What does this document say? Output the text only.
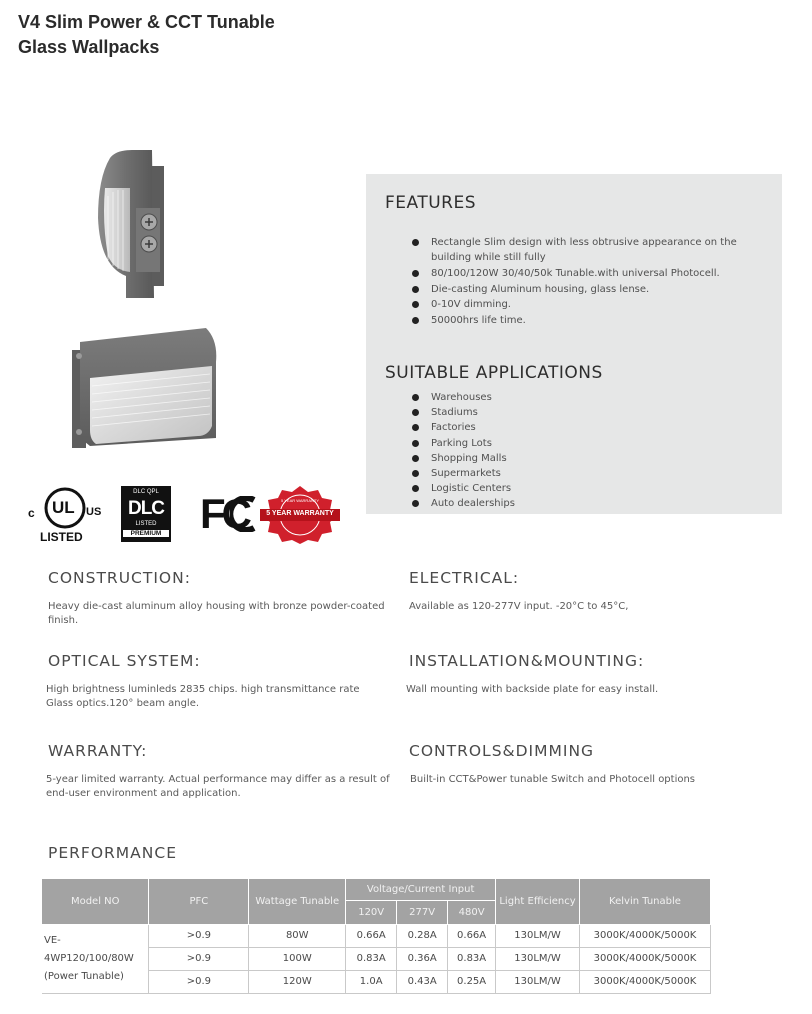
V4 Slim Power & CCT Tunable
Glass Wallpacks
c UL US
LISTED
DLC QPL
DLC
LISTED
PREMIUM FC	5 YEAR WARRANTY
5 YEAR WARRANTY
FEATURES
Rectangle Slim design with less obtrusive appearance on the building while still fully
80/100/120W 30/40/50k Tunable.with universal Photocell.
Die-casting Aluminum housing, glass lense.
0-10V dimming.
50000hrs life time.
SUITABLE APPLICATIONS
Warehouses
Stadiums
Factories
Parking Lots
Shopping Malls
Supermarkets
Logistic Centers
Auto dealerships
CONSTRUCTION:
Heavy die-cast aluminum alloy housing with bronze powder-coated finish.
ELECTRICAL:
Available as 120-277V input. -20°C to 45°C,
OPTICAL SYSTEM:
High brightness luminleds 2835 chips. high transmittance rate
Glass optics.120° beam angle.
INSTALLATION&MOUNTING:
Wall mounting with backside plate for easy install.
WARRANTY:
5-year limited warranty. Actual performance may differ as a result of
end-user environment and application.
CONTROLS&DIMMING
Built-in CCT&Power tunable Switch and Photocell options
PERFORMANCE
Model NO	PFC	Wattage Tunable	Voltage/Current Input			Light Efficiency	Kelvin Tunable
			120V	277V	480V		

VE-4WP120/100/80W
(Power Tunable)	>0.9	80W	0.66A	0.28A	0.66A	130LM/W	3000K/4000K/5000K
	>0.9	100W	0.83A	0.36A	0.83A	130LM/W	3000K/4000K/5000K
	>0.9	120W	1.0A	0.43A	0.25A	130LM/W	3000K/4000K/5000K
